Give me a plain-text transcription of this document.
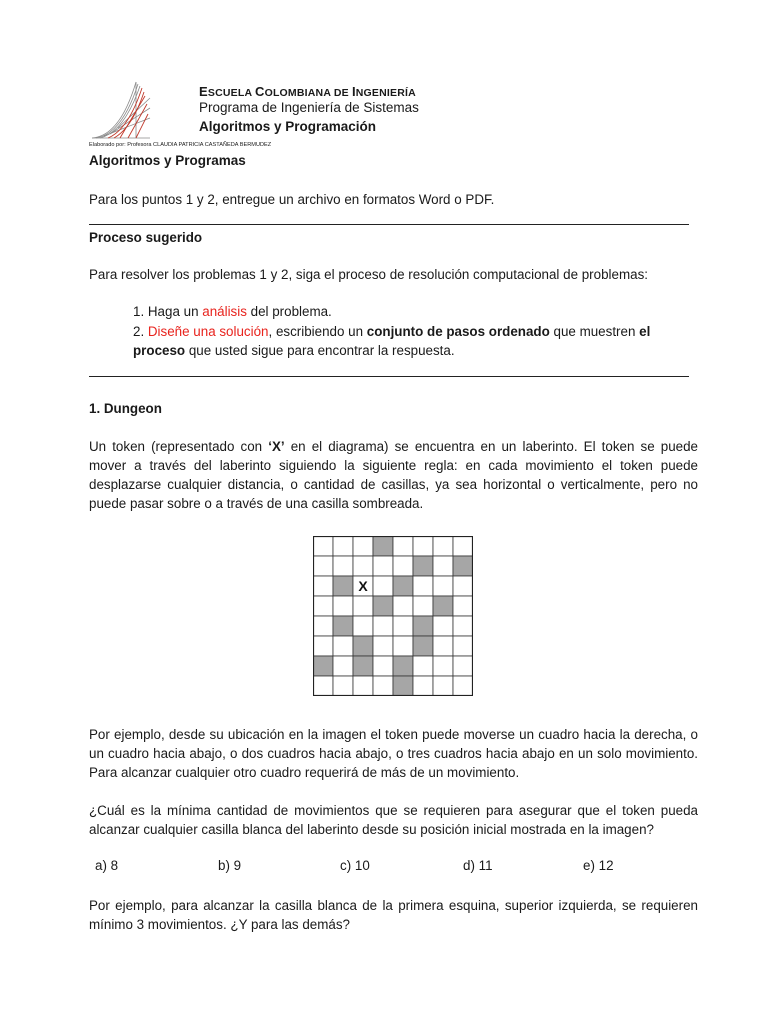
ESCUELA COLOMBIANA DE INGENIERÍA
Programa de Ingeniería de Sistemas
Algoritmos y Programación
Elaborado por: Profesora CLAUDIA PATRICIA CASTAÑEDA BERMUDEZ
Algoritmos y Programas
Para los puntos 1 y 2, entregue un archivo en formatos Word o PDF.
Proceso sugerido
Para resolver los problemas 1 y 2, siga el proceso de resolución computacional de problemas:
1. Haga un análisis del problema.
2. Diseñe una solución, escribiendo un conjunto de pasos ordenado que muestren el
proceso que usted sigue para encontrar la respuesta.
1. Dungeon
Un token (representado con ‘X’ en el diagrama) se encuentra en un laberinto. El token se puede mover a través del laberinto siguiendo la siguiente regla: en cada movimiento el token puede desplazarse cualquier distancia, o cantidad de casillas, ya sea horizontal o verticalmente, pero no puede pasar sobre o a través de una casilla sombreada.
X
Por ejemplo, desde su ubicación en la imagen el token puede moverse un cuadro hacia la derecha, o un cuadro hacia abajo, o dos cuadros hacia abajo, o tres cuadros hacia abajo en un solo movimiento. Para alcanzar cualquier otro cuadro requerirá de más de un movimiento.
¿Cuál es la mínima cantidad de movimientos que se requieren para asegurar que el token pueda alcanzar cualquier casilla blanca del laberinto desde su posición inicial mostrada en la imagen?
a) 8	b) 9	c) 10	d) 11	e) 12
Por ejemplo, para alcanzar la casilla blanca de la primera esquina, superior izquierda, se requieren mínimo 3 movimientos. ¿Y para las demás?
